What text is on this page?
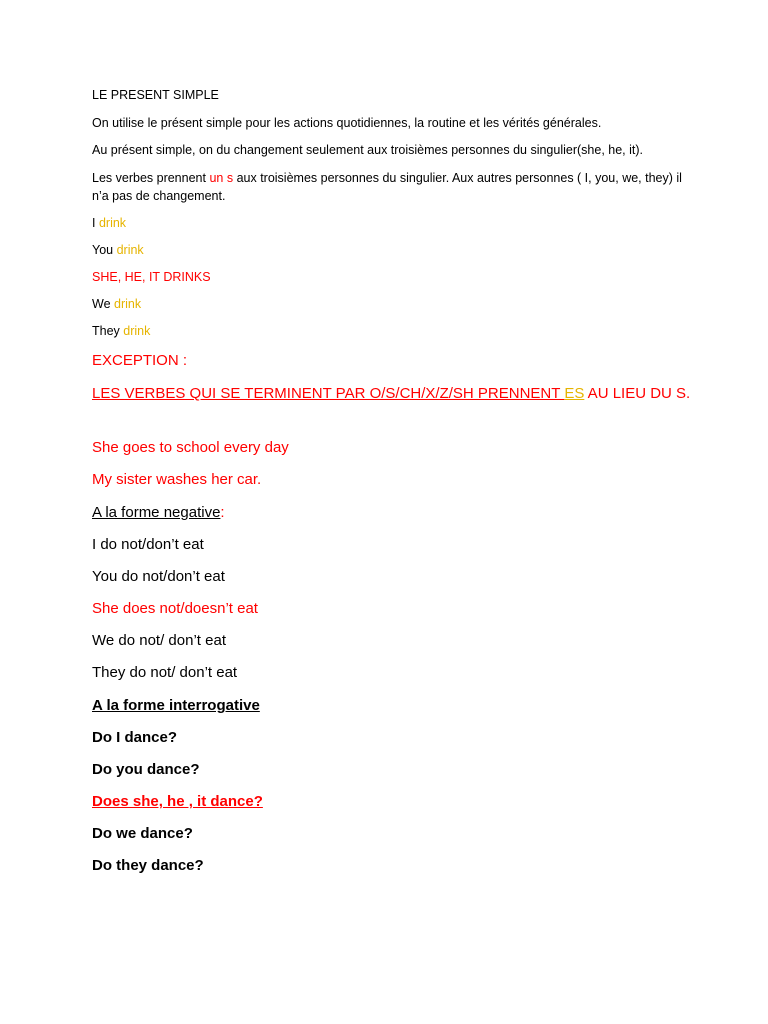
LE PRESENT SIMPLE
On utilise le présent simple pour les actions quotidiennes, la routine et les vérités générales.
Au présent simple, on du changement seulement aux troisièmes personnes du singulier(she, he, it).
Les verbes prennent un s aux troisièmes personnes du singulier. Aux autres personnes ( I, you, we, they) il n’a pas de changement.
I drink
You drink
SHE, HE, IT DRINKS
We drink
They drink
EXCEPTION :
LES VERBES QUI SE TERMINENT PAR O/S/CH/X/Z/SH PRENNENT ES AU LIEU DU S.
She goes to school every day
My sister washes her car.
A la forme negative:
I do not/don’t eat
You do not/don’t eat
She does not/doesn’t eat
We do not/ don’t eat
They do not/ don’t eat
A la forme interrogative
Do I dance?
Do you dance?
Does she, he , it dance?
Do we dance?
Do they dance?
